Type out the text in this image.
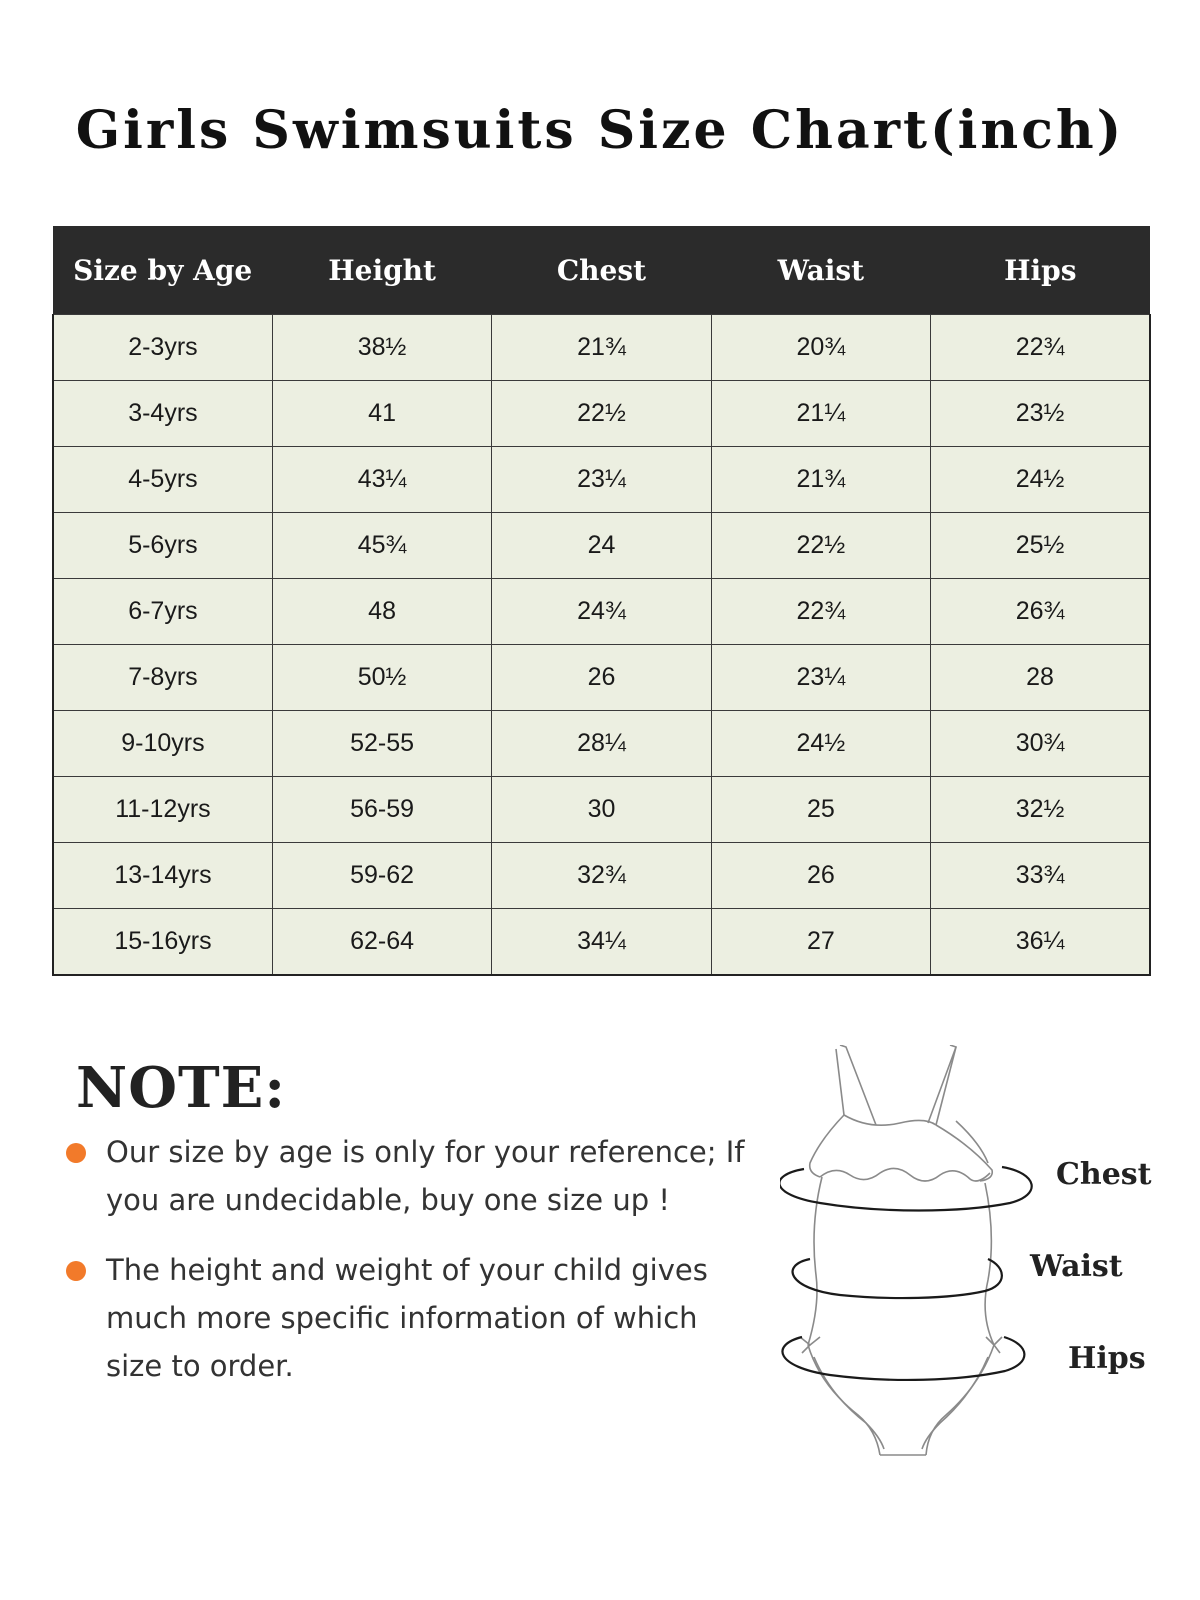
Girls Swimsuits Size Chart(inch)
Size by Age	Height	Chest	Waist	Hips
2-3yrs	38½	21¾	20¾	22¾
3-4yrs	41	22½	21¼	23½
4-5yrs	43¼	23¼	21¾	24½
5-6yrs	45¾	24	22½	25½
6-7yrs	48	24¾	22¾	26¾
7-8yrs	50½	26	23¼	28
9-10yrs	52-55	28¼	24½	30¾
11-12yrs	56-59	30	25	32½
13-14yrs	59-62	32¾	26	33¾
15-16yrs	62-64	34¼	27	36¼
NOTE:
Our size by age is only for your reference; If you are undecidable, buy one size up !
The height and weight of your child gives much more specific information of which size to order.
Chest
Waist
Hips
